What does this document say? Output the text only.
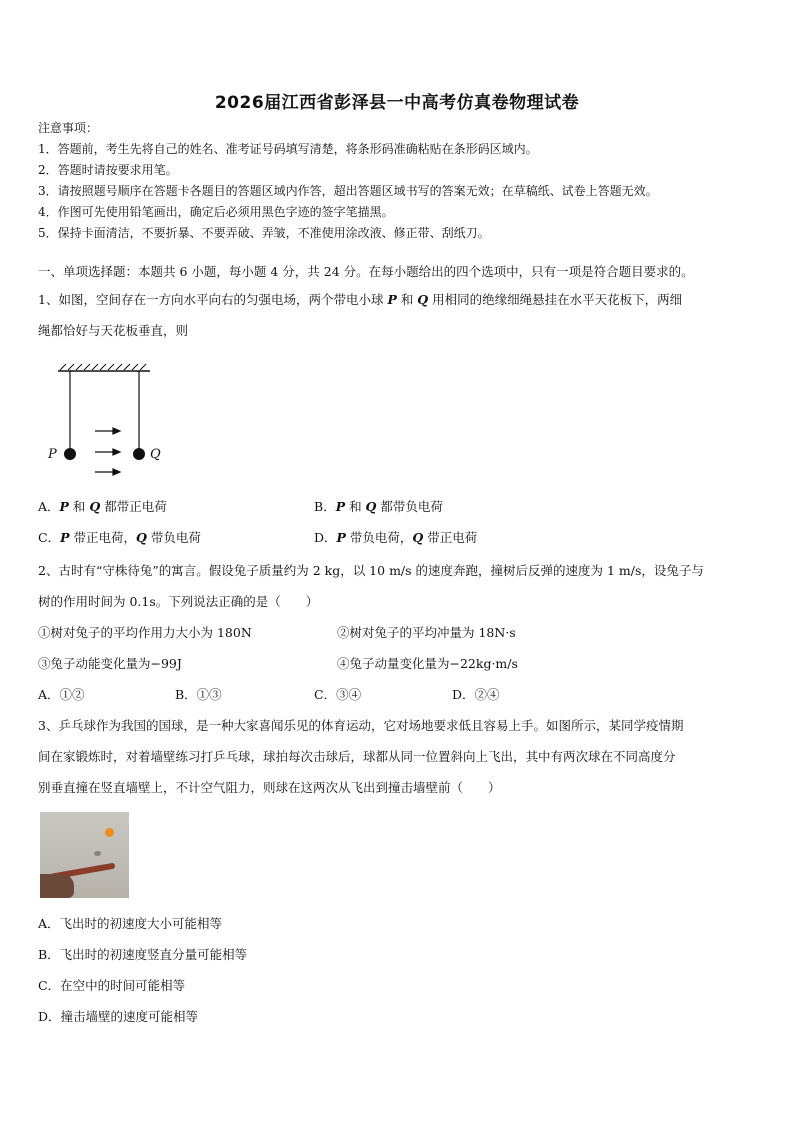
2026届江西省彭泽县一中高考仿真卷物理试卷
注意事项：
1．答题前，考生先将自己的姓名、准考证号码填写清楚，将条形码准确粘贴在条形码区域内。
2．答题时请按要求用笔。
3．请按照题号顺序在答题卡各题目的答题区域内作答，超出答题区域书写的答案无效；在草稿纸、试卷上答题无效。
4．作图可先使用铅笔画出，确定后必须用黑色字迹的签字笔描黑。
5．保持卡面清洁，不要折暴、不要弄破、弄皱，不准使用涂改液、修正带、刮纸刀。
一、单项选择题：本题共 6 小题，每小题 4 分，共 24 分。在每小题给出的四个选项中，只有一项是符合题目要求的。
1、如图，空间存在一方向水平向右的匀强电场，两个带电小球 P 和 Q 用相同的绝缘细绳悬挂在水平天花板下，两细
绳都恰好与天花板垂直，则
P	Q
A．P 和 Q 都带正电荷	B．P 和 Q 都带负电荷
C．P 带正电荷，Q 带负电荷	D．P 带负电荷，Q 带正电荷
2、古时有“守株待兔”的寓言。假设兔子质量约为 2 kg，以 10 m/s 的速度奔跑，撞树后反弹的速度为 1 m/s，设兔子与
树的作用时间为 0.1s。下列说法正确的是（　　）
①树对兔子的平均作用力大小为 180N	②树对兔子的平均冲量为 18N·s
③兔子动能变化量为−99J	④兔子动量变化量为−22kg·m/s
A．①②	B．①③	C．③④	D．②④
3、乒乓球作为我国的国球，是一种大家喜闻乐见的体育运动，它对场地要求低且容易上手。如图所示，某同学疫情期
间在家锻炼时，对着墙壁练习打乒乓球，球拍每次击球后，球都从同一位置斜向上飞出，其中有两次球在不同高度分
别垂直撞在竖直墙壁上，不计空气阻力，则球在这两次从飞出到撞击墙壁前（　　）
A．飞出时的初速度大小可能相等
B．飞出时的初速度竖直分量可能相等
C．在空中的时间可能相等
D．撞击墙壁的速度可能相等
